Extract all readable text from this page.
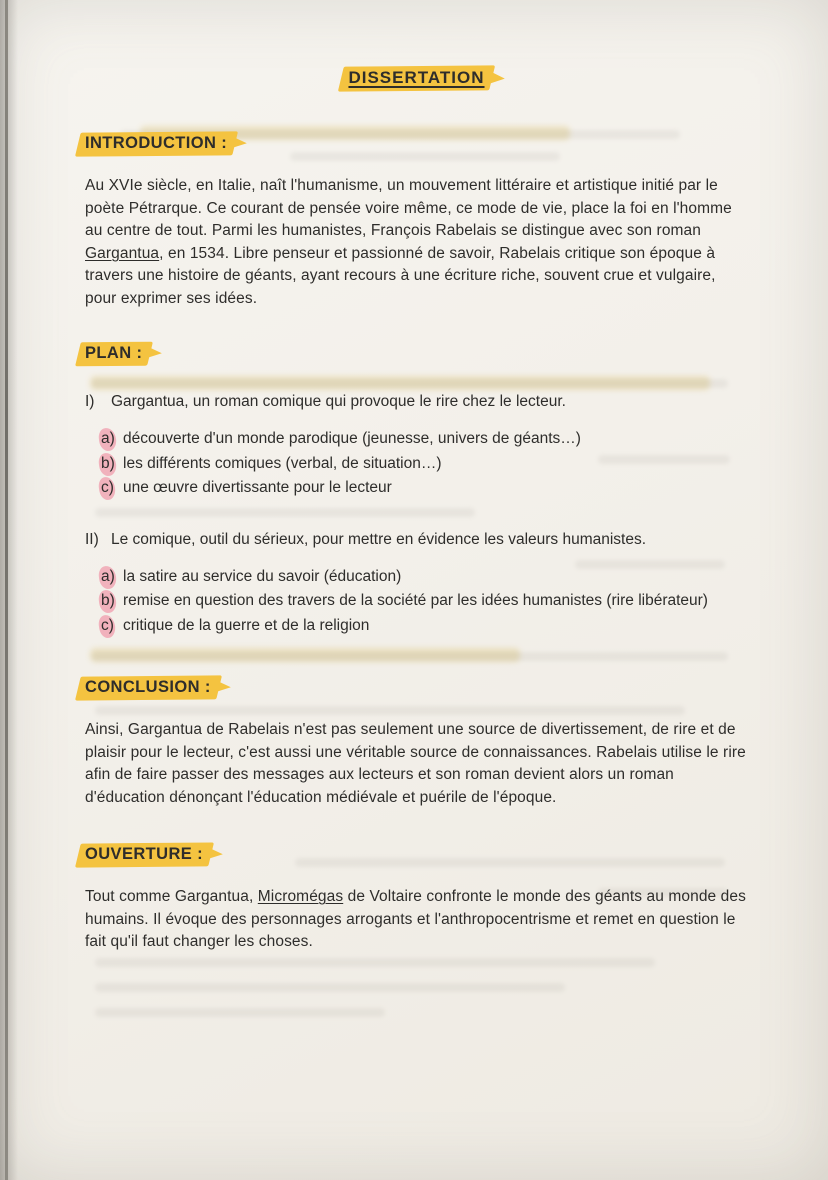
DISSERTATION
INTRODUCTION :

Au XVIe siècle, en Italie, naît l'humanisme, un mouvement littéraire et artistique initié par le poète Pétrarque. Ce courant de pensée voire même, ce mode de vie, place la foi en l'homme au centre de tout. Parmi les humanistes, François Rabelais se distingue avec son roman Gargantua, en 1534. Libre penseur et passionné de savoir, Rabelais critique son époque à travers une histoire de géants, ayant recours à une écriture riche, souvent crue et vulgaire, pour exprimer ses idées.

PLAN :
I)	Gargantua, un roman comique qui provoque le rire chez le lecteur.
a) découverte d'un monde parodique (jeunesse, univers de géants…)
b) les différents comiques (verbal, de situation…)
c) une œuvre divertissante pour le lecteur
II) Le comique, outil du sérieux, pour mettre en évidence les valeurs humanistes.
a) la satire au service du savoir (éducation)
b) remise en question des travers de la société par les idées humanistes (rire libérateur)
c) critique de la guerre et de la religion
CONCLUSION :

Ainsi, Gargantua de Rabelais n'est pas seulement une source de divertissement, de rire et de plaisir pour le lecteur, c'est aussi une véritable source de connaissances. Rabelais utilise le rire afin de faire passer des messages aux lecteurs et son roman devient alors un roman d'éducation dénonçant l'éducation médiévale et puérile de l'époque.

OUVERTURE :

Tout comme Gargantua, Micromégas de Voltaire confronte le monde des géants au monde des humains. Il évoque des personnages arrogants et l'anthropocentrisme et remet en question le fait qu'il faut changer les choses.
